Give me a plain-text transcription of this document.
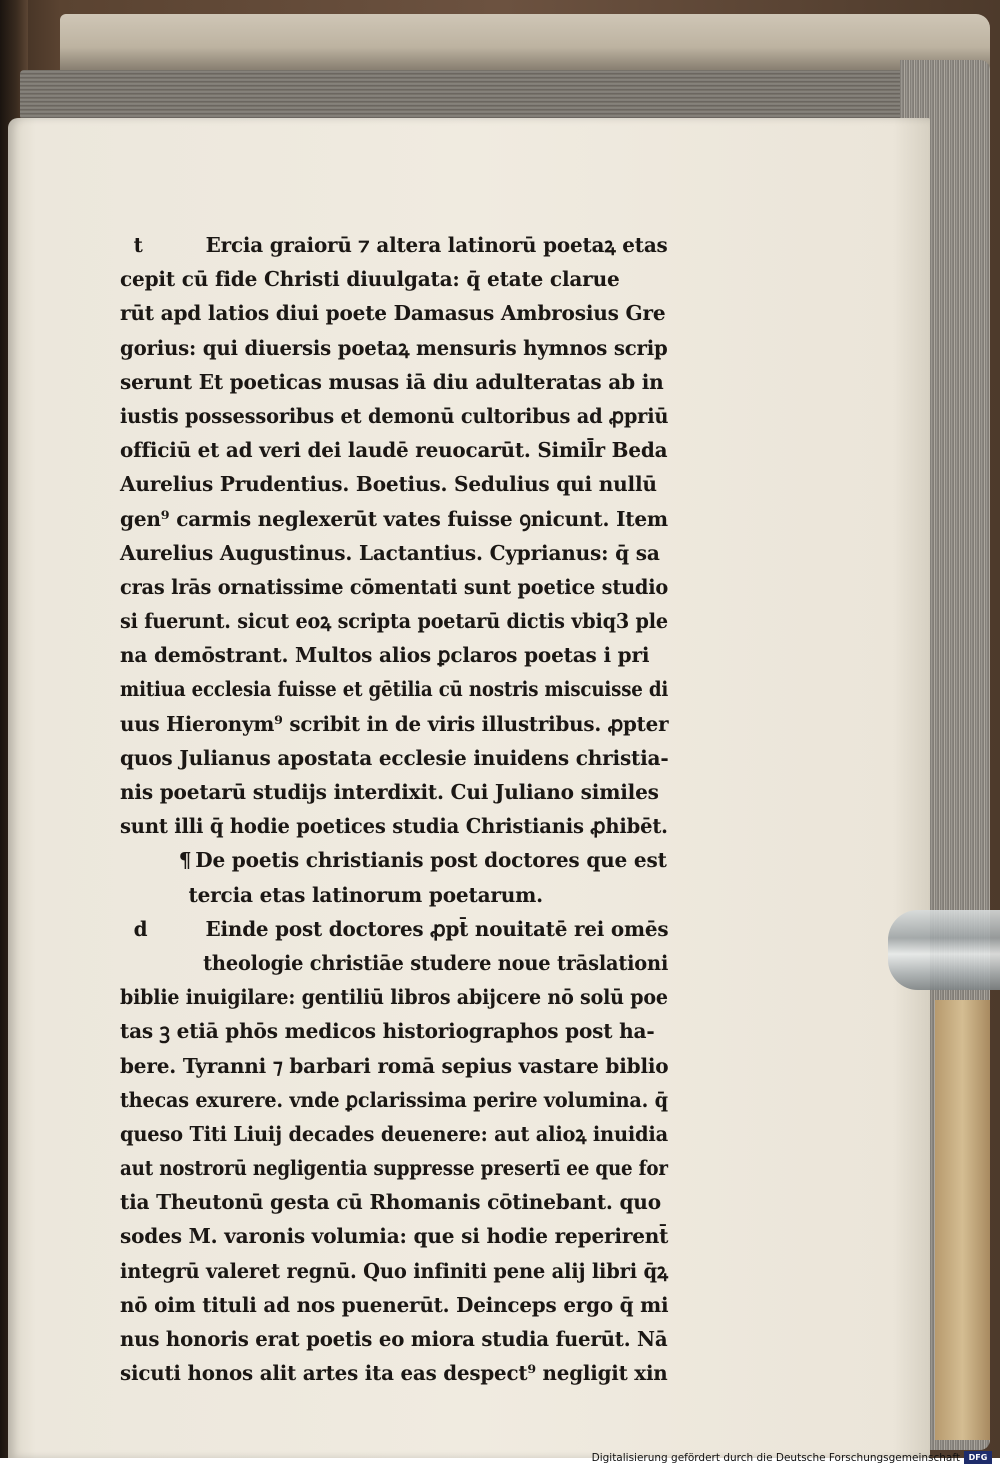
t	Ercia graiorū ⁊ altera latinorū poetaꝝ etas
cepit cū fide Christi diuulgata: q̄ etate clarue
rūt apd latios diui poete Damasus Ambrosius Gre
gorius: qui diuersis poetaꝝ mensuris hymnos scrip
serunt Et poeticas musas iā diu adulteratas ab in
iustis possessoribus et demonū cultoribus ad ꝓpriū
officiū et ad veri dei laudē reuocarūt. Simil̄r Beda
Aurelius Prudentius. Boetius. Sedulius qui nullū
gen⁹ carmis neglexerūt vates fuisse ꝯnicunt. Item
Aurelius Augustinus. Lactantius. Cyprianus: q̄ sa
cras lrās ornatissime cōmentati sunt poetice studio
si fuerunt. sicut eoꝝ scripta poetarū dictis vbiq3 ple
na demōstrant. Multos alios ꝑclaros poetas i pri
mitiua ecclesia fuisse et gētilia cū nostris miscuisse di
uus Hieronym⁹ scribit in de viris illustribus. ꝓpter
quos Julianus apostata ecclesie inuidens christia-
nis poetarū studijs interdixit. Cui Juliano similes
sunt illi q̄ hodie poetices studia Christianis ꝓhibēt.
¶ De poetis christianis post doctores que est
tercia etas latinorum poetarum.
d	Einde post doctores ꝓpt̄ nouitatē rei omēs
theologie christiāe studere noue trāslationi
biblie inuigilare: gentiliū libros abijcere nō solū poe
tas ꝫ etiā phōs medicos historiographos post ha-
bere. Tyranni ⁊ barbari romā sepius vastare biblio
thecas exurere. vnde ꝑclarissima perire volumina. q̄
queso Titi Liuij decades deuenere: aut alioꝝ inuidia
aut nostrorū negligentia suppresse presertī ee que for
tia Theutonū gesta cū Rhomanis cōtinebant. quo
sodes M. varonis volumia: que si hodie reperirent̄
integrū valeret regnū. Quo infiniti pene alij libri q̄ꝝ
nō oim tituli ad nos puenerūt. Deinceps ergo q̄ mi
nus honoris erat poetis eo miora studia fuerūt. Nā
sicuti honos alit artes ita eas despect⁹ negligit xin
Digitalisierung gefördert durch die Deutsche Forschungsgemeinschaft	DFG
